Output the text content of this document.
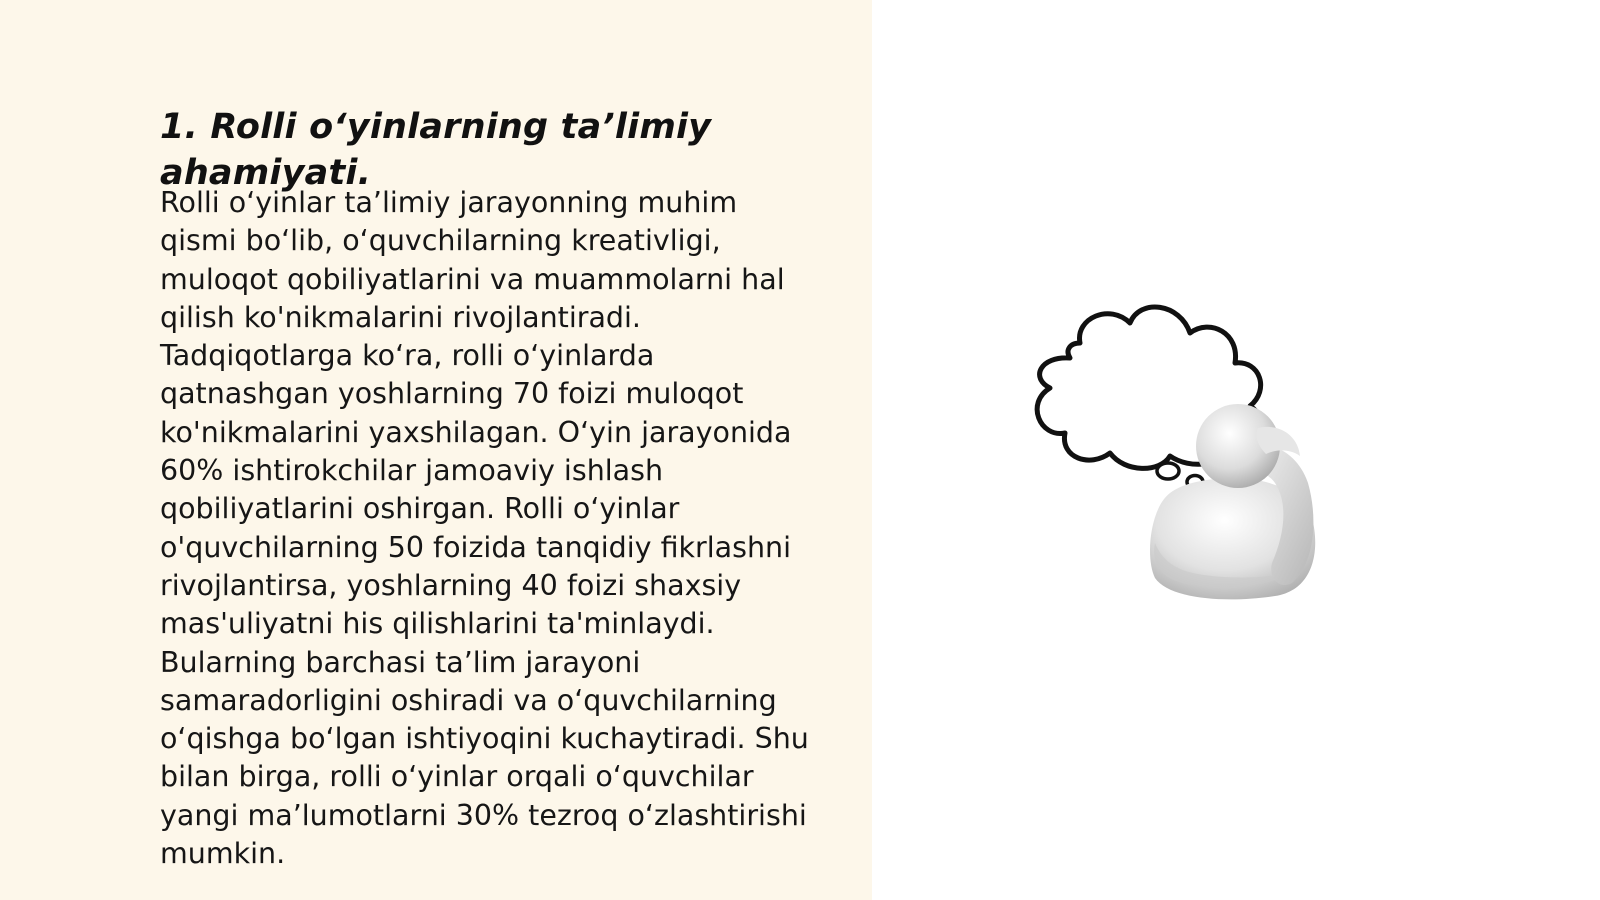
1. Rolli o‘yinlarning ta’limiy ahamiyati.

Rolli o‘yinlar ta’limiy jarayonning muhim
qismi bo‘lib, o‘quvchilarning kreativligi,
muloqot qobiliyatlarini va muammolarni hal
qilish ko'nikmalarini rivojlantiradi.
Tadqiqotlarga ko‘ra, rolli o‘yinlarda
qatnashgan yoshlarning 70 foizi muloqot
ko'nikmalarini yaxshilagan. O‘yin jarayonida
60% ishtirokchilar jamoaviy ishlash
qobiliyatlarini oshirgan. Rolli o‘yinlar
o'quvchilarning 50 foizida tanqidiy fikrlashni
rivojlantirsa, yoshlarning 40 foizi shaxsiy
mas'uliyatni his qilishlarini ta'minlaydi.
Bularning barchasi ta’lim jarayoni
samaradorligini oshiradi va o‘quvchilarning
o‘qishga bo‘lgan ishtiyoqini kuchaytiradi. Shu
bilan birga, rolli o‘yinlar orqali o‘quvchilar
yangi ma’lumotlarni 30% tezroq o‘zlashtirishi
mumkin.
